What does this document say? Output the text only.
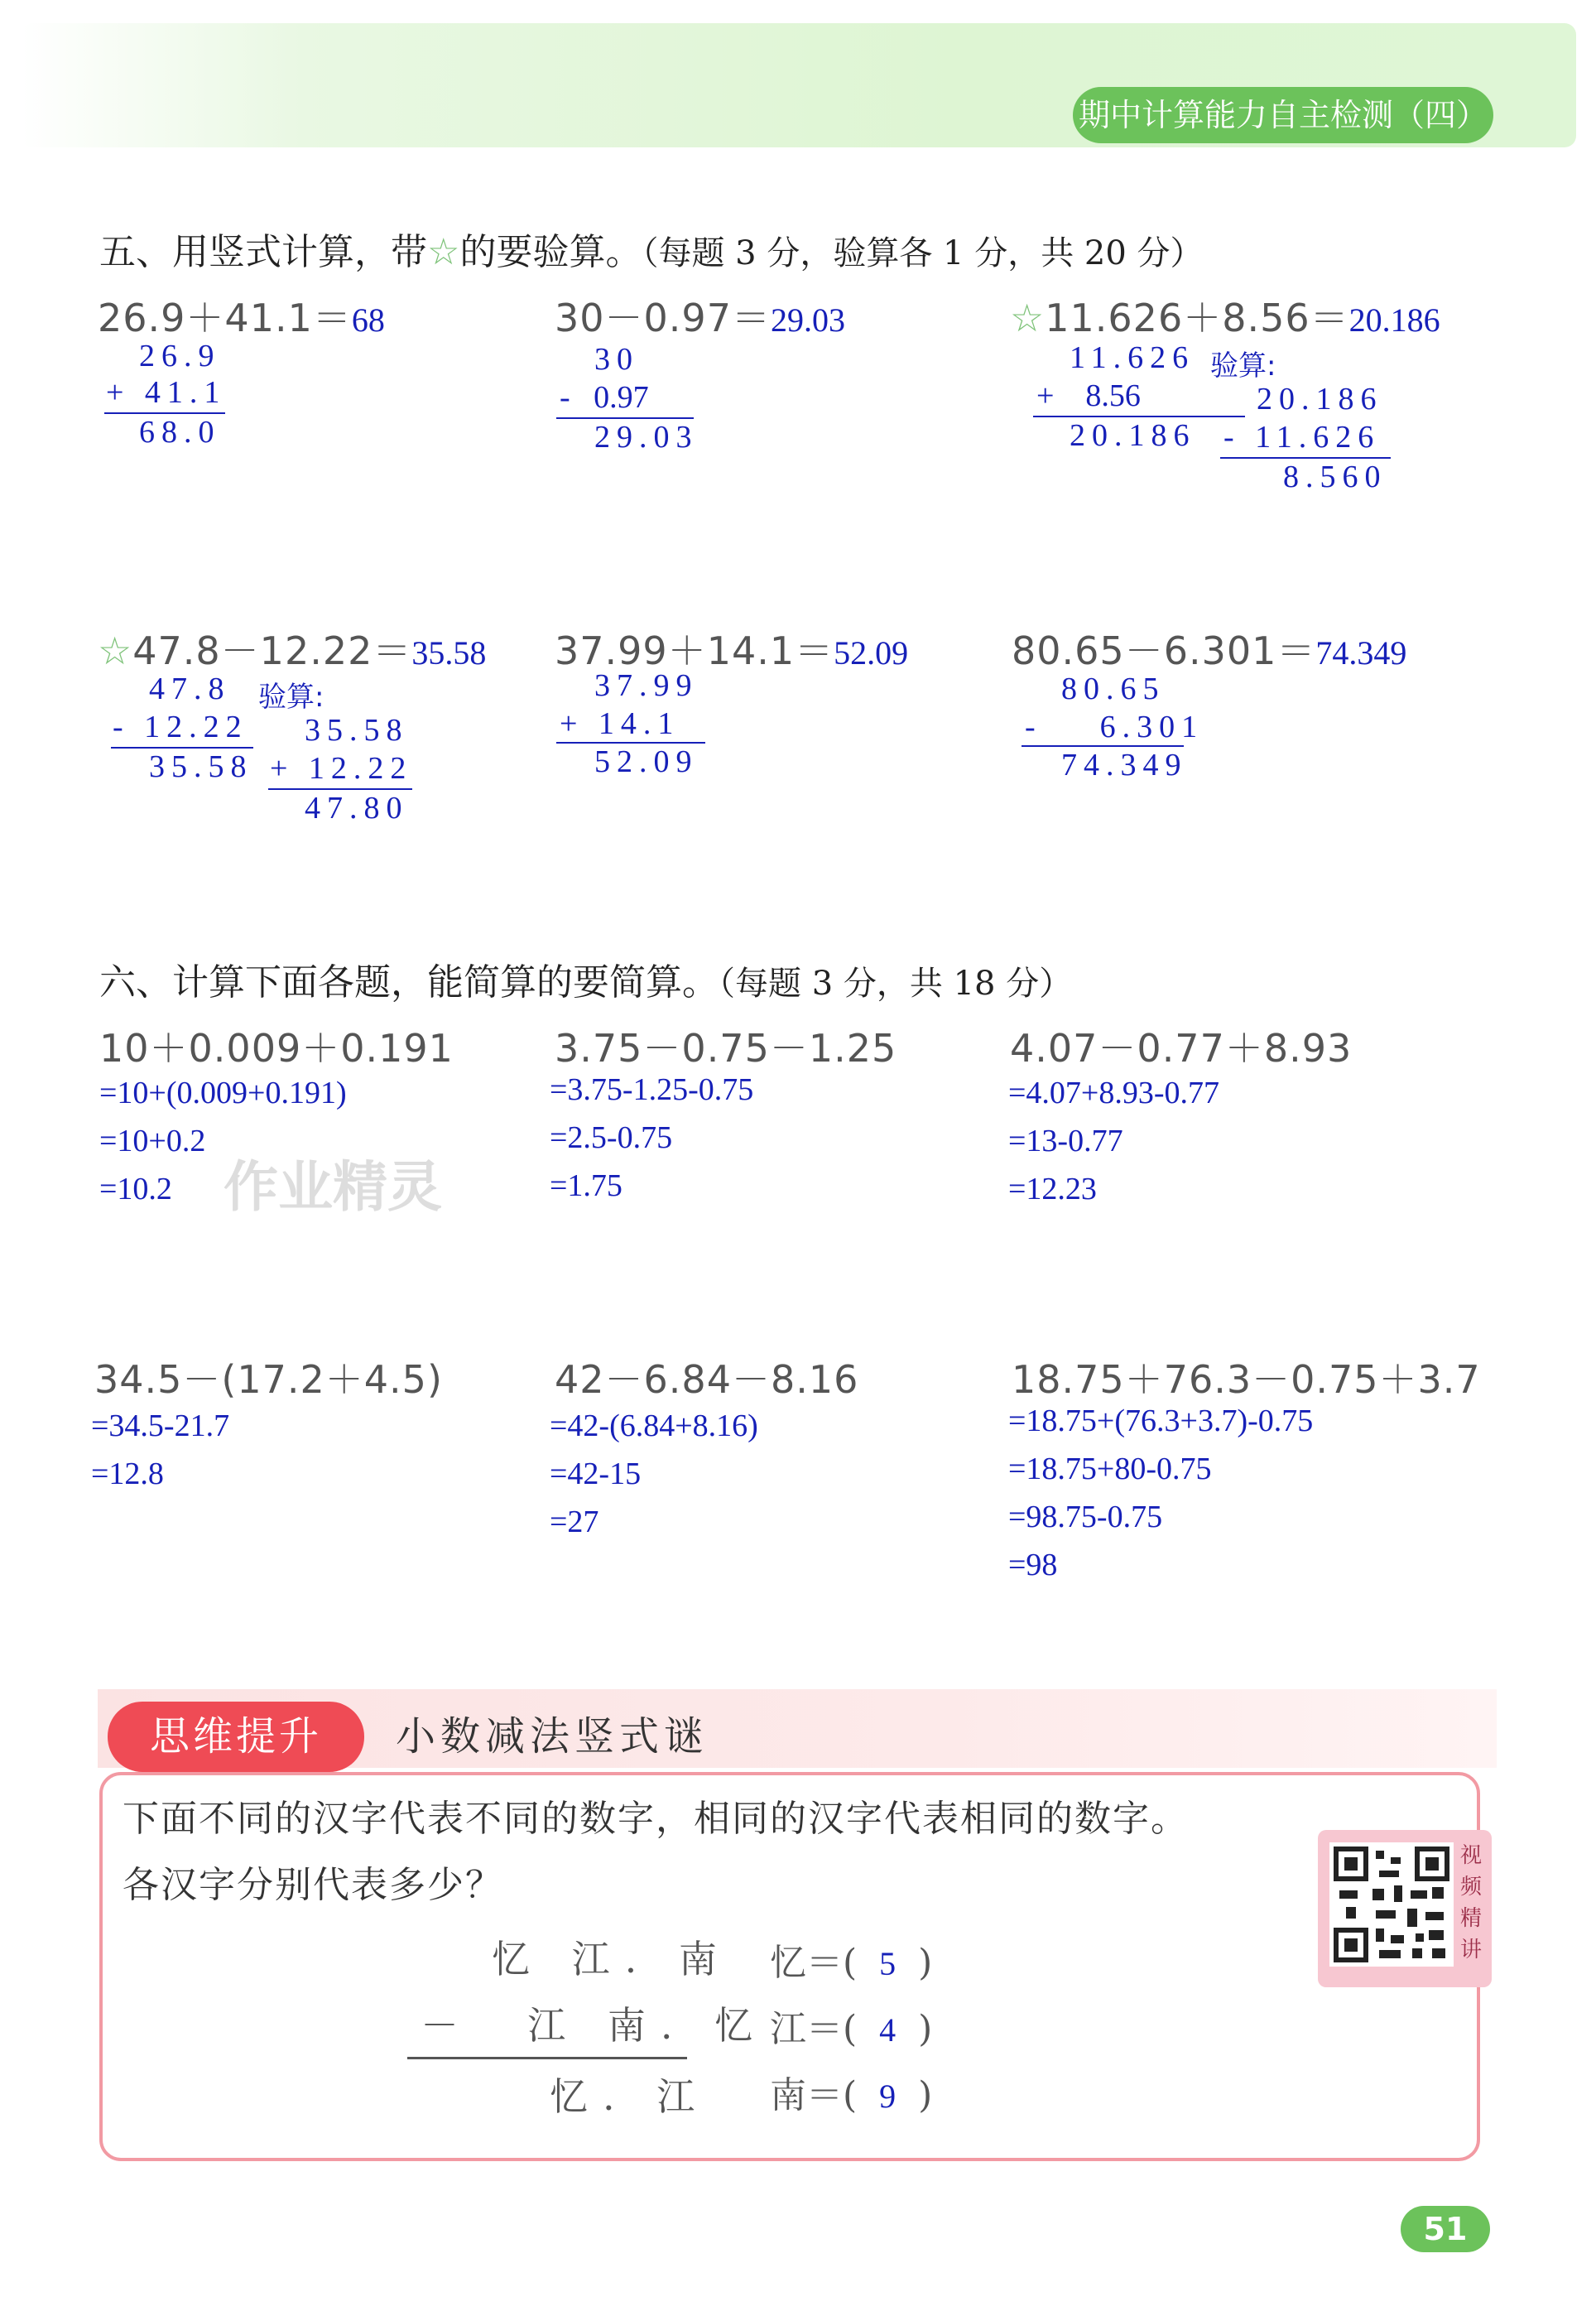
期中计算能力自主检测（四）
五、用竖式计算，带☆的要验算。（每题 3 分，验算各 1 分，共 20 分）
26.9＋41.1＝68
26.9
+ 41.1
68.0
30－0.97＝29.03
30
-   0.97
29.03
☆11.626＋8.56＝20.186
11.626
+    8.56
20.186
验算:
20.186
- 11.626
8.560
☆47.8－12.22＝35.58
47.8
- 12.22
35.58
验算:
35.58
+ 12.22
47.80
37.99＋14.1＝52.09
37.99
+ 14.1
52.09
80.65－6.301＝74.349
80.65
-    6.301
74.349
六、计算下面各题，能简算的要简算。（每题 3 分，共 18 分）
10＋0.009＋0.191
=10+(0.009+0.191)
=10+0.2
=10.2
3.75－0.75－1.25
=3.75-1.25-0.75
=2.5-0.75
=1.75
4.07－0.77＋8.93
=4.07+8.93-0.77
=13-0.77
=12.23
作业精灵
34.5－(17.2＋4.5)
=34.5-21.7
=12.8
42－6.84－8.16
=42-(6.84+8.16)
=42-15
=27
18.75＋76.3－0.75＋3.7
=18.75+(76.3+3.7)-0.75
=18.75+80-0.75
=98.75-0.75
=98
思维提升	小数减法竖式谜
下面不同的汉字代表不同的数字，相同的汉字代表相同的数字。
各汉字分别代表多少？
忆 江. 南
－  江 南. 忆
忆. 江
忆＝( 5 )
江＝( 4 )
南＝( 9 )
视
频
精
讲
51
